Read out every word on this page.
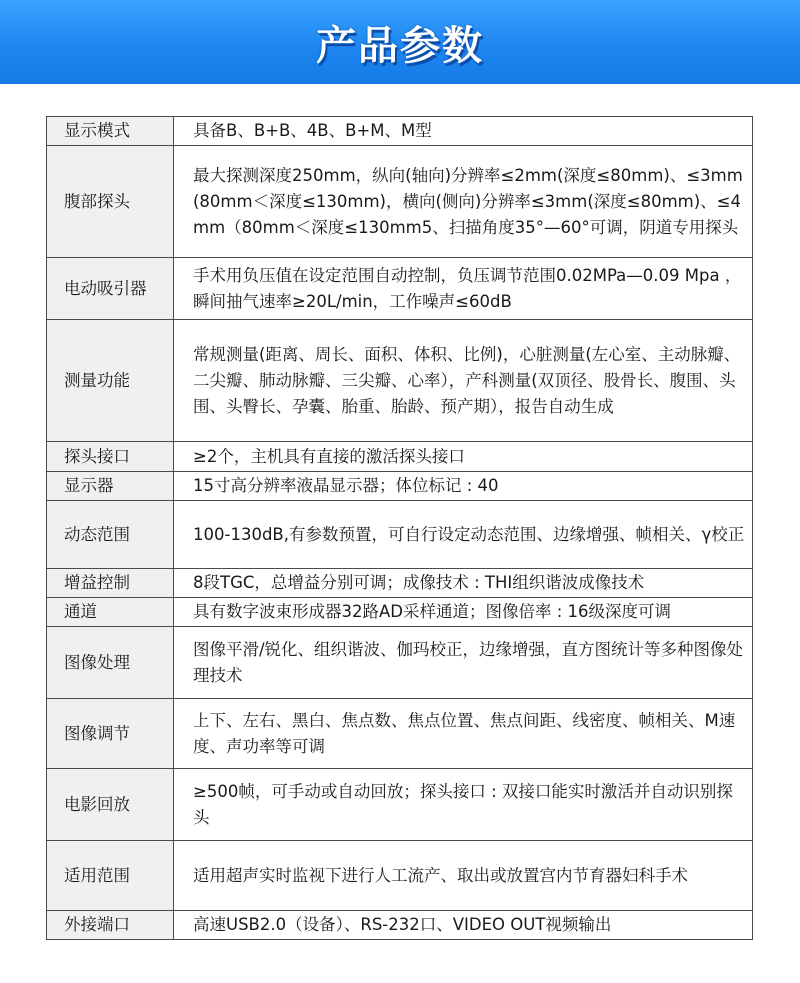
产品参数
显示模式	具备B、B+B、4B、B+M、M型
腹部探头	最大探测深度250mm，纵向(轴向)分辨率≤2mm(深度≤80mm)、≤3mm(80mm＜深度≤130mm)，横向(侧向)分辨率≤3mm(深度≤80mm)、≤4mm（80mm＜深度≤130mm5、扫描角度35°—60°可调，阴道专用探头
电动吸引器	手术用负压值在设定范围自动控制，负压调节范围0.02MPa—0.09 Mpa ，瞬间抽气速率≥20L/min，工作噪声≤60dB
测量功能	常规测量(距离、周长、面积、体积、比例)，心脏测量(左心室、主动脉瓣、二尖瓣、肺动脉瓣、三尖瓣、心率），产科测量(双顶径、股骨长、腹围、头围、头臀长、孕囊、胎重、胎龄、预产期），报告自动生成
探头接口	≥2个，主机具有直接的激活探头接口
显示器	15寸高分辨率液晶显示器；体位标记 : 40
动态范围	100-130dB,有参数预置，可自行设定动态范围、边缘增强、帧相关、γ校正
增益控制	8段TGC，总增益分别可调；成像技术 : THI组织谐波成像技术
通道	具有数字波束形成器32路AD采样通道；图像倍率 : 16级深度可调
图像处理	图像平滑/锐化、组织谐波、伽玛校正，边缘增强，直方图统计等多种图像处理技术
图像调节	上下、左右、黑白、焦点数、焦点位置、焦点间距、线密度、帧相关、M速度、声功率等可调
电影回放	≥500帧，可手动或自动回放；探头接口 : 双接口能实时激活并自动识别探头
适用范围	适用超声实时监视下进行人工流产、取出或放置宫内节育器妇科手术
外接端口	高速USB2.0（设备）、RS-232口、VIDEO OUT视频输出
